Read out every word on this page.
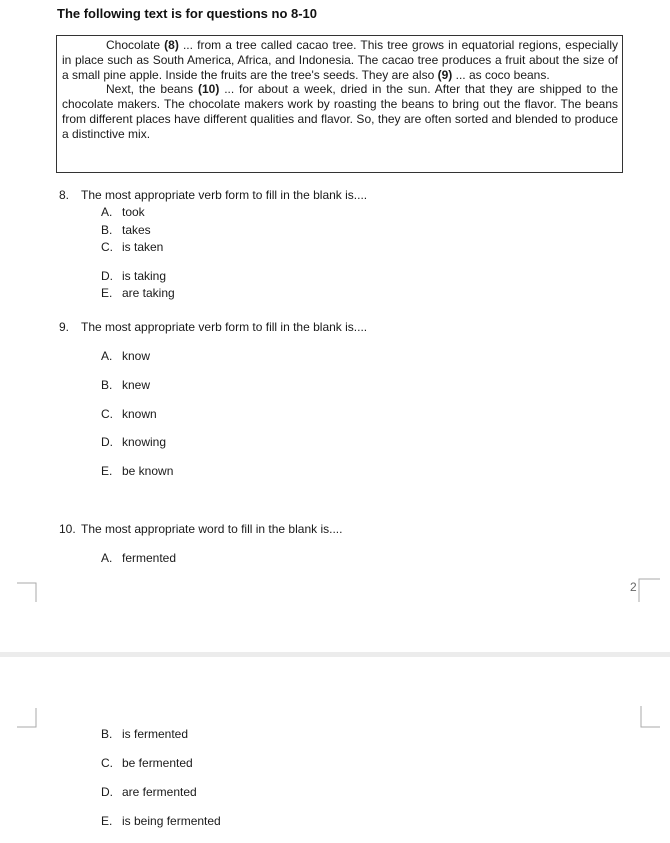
The following text is for questions no 8-10

Chocolate (8) ... from a tree called cacao tree. This tree grows in equatorial regions, especially in place such as South America, Africa, and Indonesia. The cacao tree produces a fruit about the size of a small pine apple. Inside the fruits are the tree's seeds. They are also (9) ... as coco beans.

Next, the beans (10) ... for about a week, dried in the sun. After that they are shipped to the chocolate makers. The chocolate makers work by roasting the beans to bring out the flavor. The beans from different places have different qualities and flavor. So, they are often sorted and blended to produce a distinctive mix.

8. The most appropriate verb form to fill in the blank is....
A. took
B. takes
C. is taken
D. is taking
E. are taking
9. The most appropriate verb form to fill in the blank is....
A. know
B. knew
C. known
D. knowing
E. be known
10. The most appropriate word to fill in the blank is....
A. fermented
2
B. is fermented
C. be fermented
D. are fermented
E. is being fermented
